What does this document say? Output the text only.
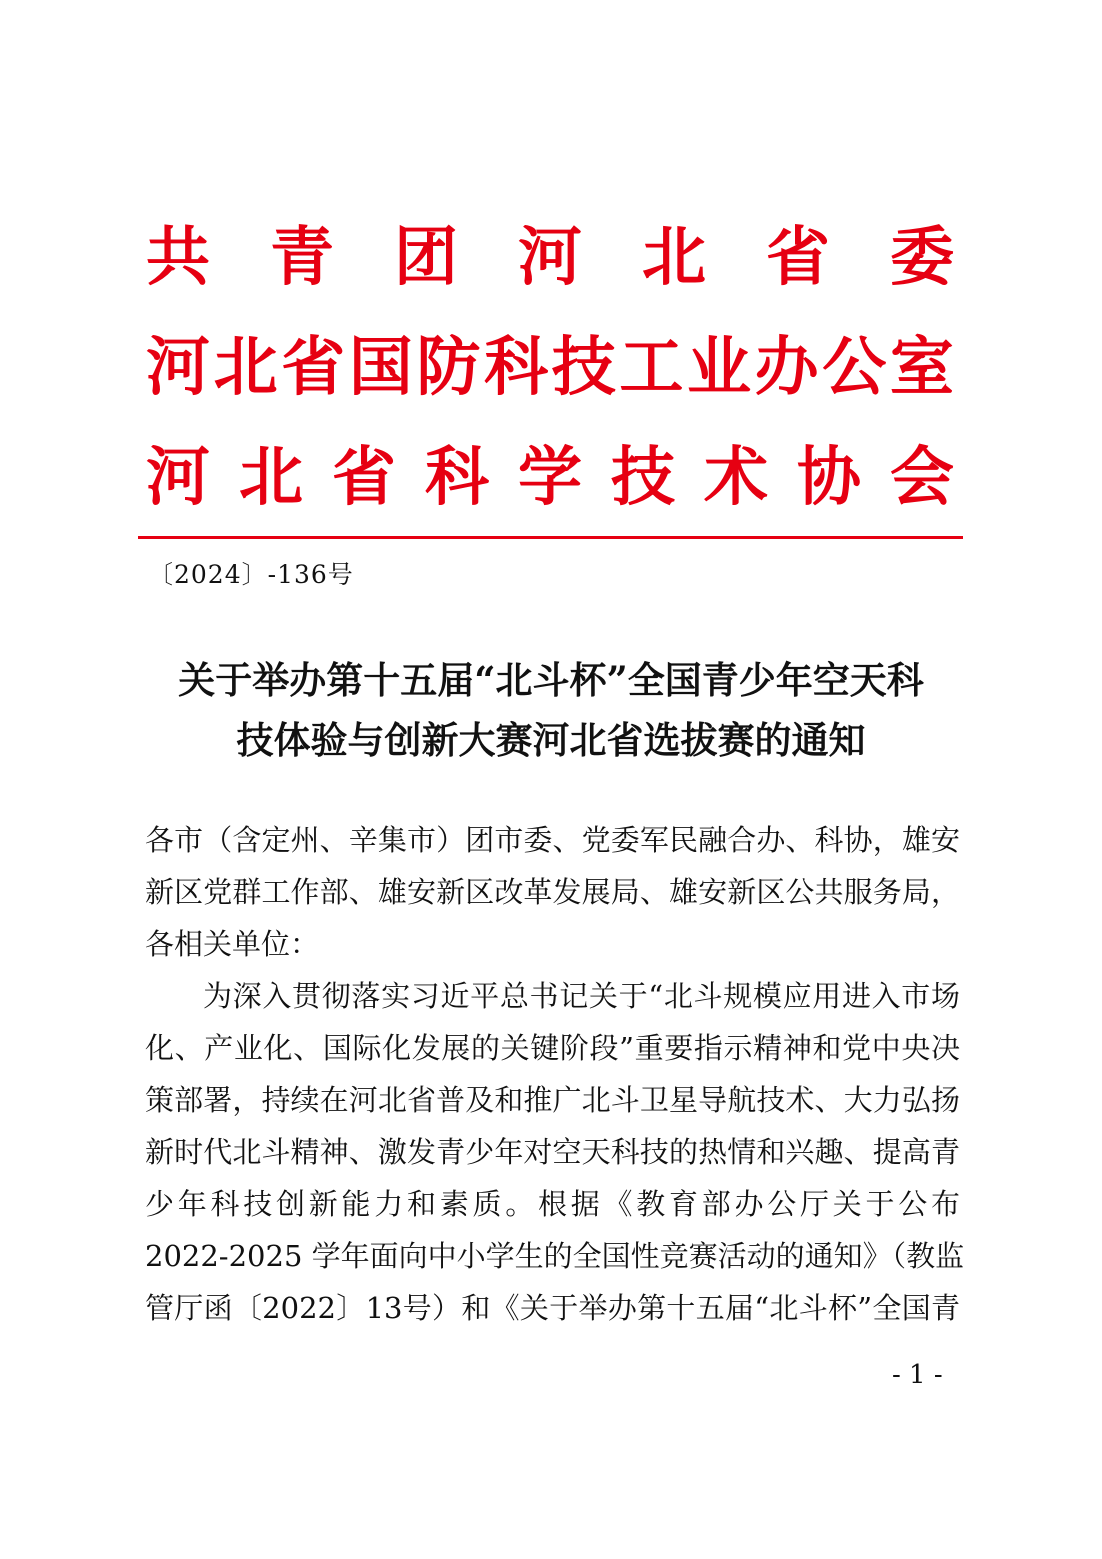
共 青 团 河 北 省 委
河 北 省 国 防 科 技 工 业 办 公 室
河 北 省 科 学 技 术 协 会
〔2024〕-136号
关于举办第十五届“北斗杯”全国青少年空天科
技体验与创新大赛河北省选拔赛的通知
各市（含定州、辛集市）团市委、党委军民融合办、科协，雄安
新区党群工作部、雄安新区改革发展局、雄安新区公共服务局，
各相关单位：
为深入贯彻落实习近平总书记关于“北斗规模应用进入市场
化、产业化、国际化发展的关键阶段”重要指示精神和党中央决
策部署，持续在河北省普及和推广北斗卫星导航技术、大力弘扬
新时代北斗精神、激发青少年对空天科技的热情和兴趣、提高青
少年科技创新能力和素质。根据《教育部办公厅关于公布
2022-2025 学年面向中小学生的全国性竞赛活动的通知》（教监
管厅函〔2022〕13号）和《关于举办第十五届“北斗杯”全国青
- 1 -
